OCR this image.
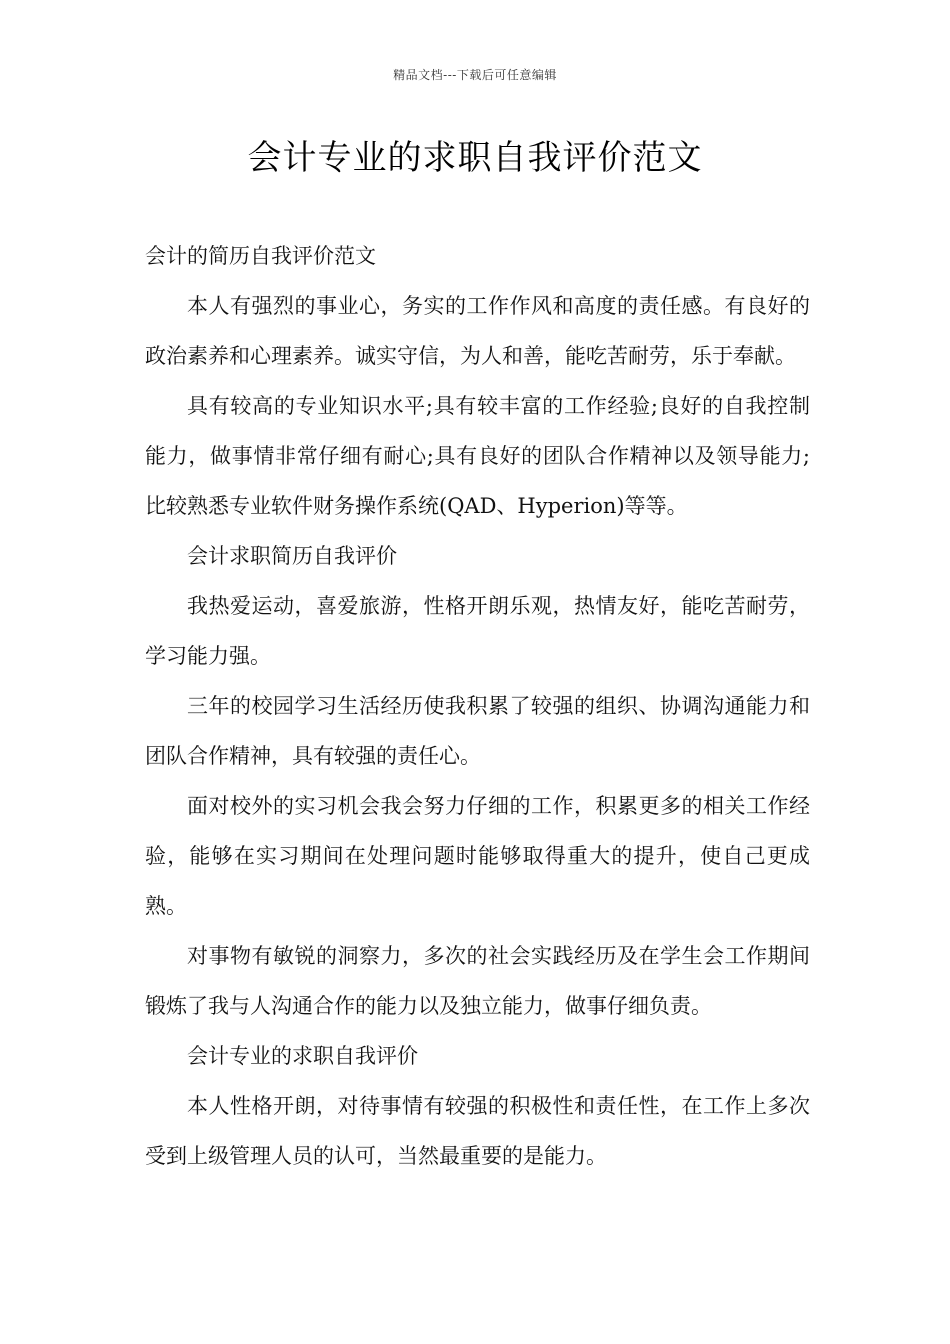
精品文档---下载后可任意编辑
会计专业的求职自我评价范文

会计的简历自我评价范文

本人有强烈的事业心，务实的工作作风和高度的责任感。有良好的政治素养和心理素养。诚实守信，为人和善，能吃苦耐劳，乐于奉献。

具有较高的专业知识水平;具有较丰富的工作经验;良好的自我控制能力，做事情非常仔细有耐心;具有良好的团队合作精神以及领导能力;比较熟悉专业软件财务操作系统(QAD、Hyperion)等等。

会计求职简历自我评价

我热爱运动，喜爱旅游，性格开朗乐观，热情友好，能吃苦耐劳，学习能力强。

三年的校园学习生活经历使我积累了较强的组织、协调沟通能力和团队合作精神，具有较强的责任心。

面对校外的实习机会我会努力仔细的工作，积累更多的相关工作经验，能够在实习期间在处理问题时能够取得重大的提升，使自己更成熟。

对事物有敏锐的洞察力，多次的社会实践经历及在学生会工作期间锻炼了我与人沟通合作的能力以及独立能力，做事仔细负责。

会计专业的求职自我评价

本人性格开朗，对待事情有较强的积极性和责任性，在工作上多次受到上级管理人员的认可，当然最重要的是能力。
